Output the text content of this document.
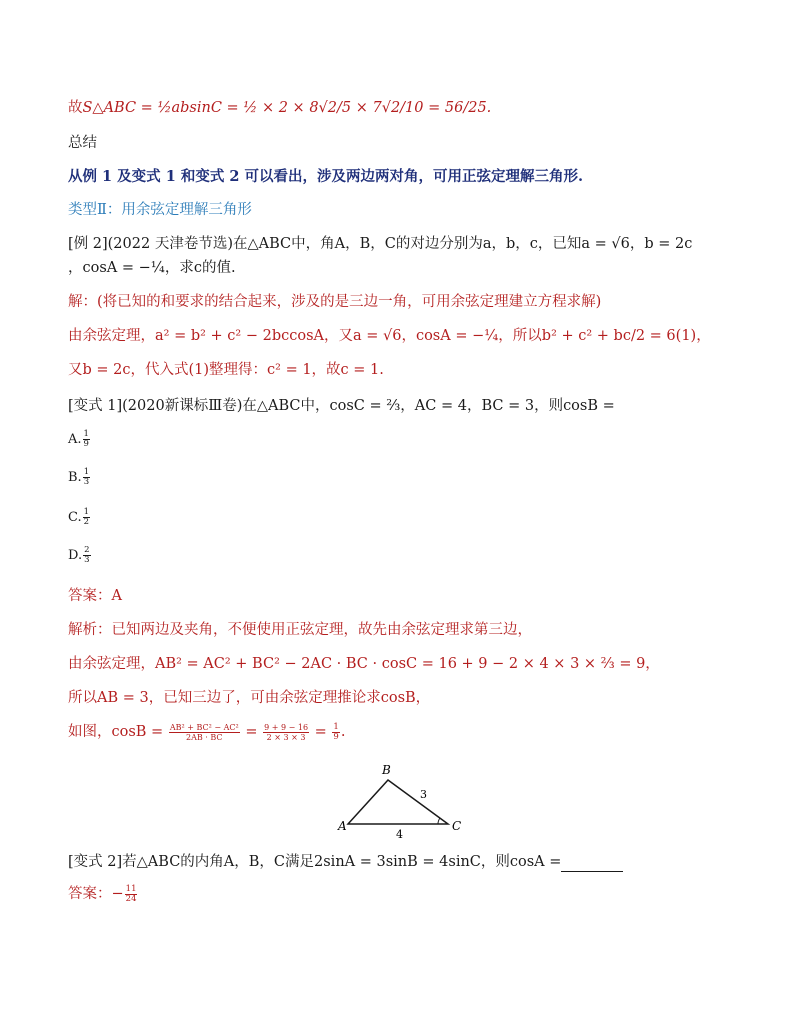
故S△ABC = ½absinC = ½ × 2 × 8√2/5 × 7√2/10 = 56/25.
总结
从例 1 及变式 1 和变式 2 可以看出，涉及两边两对角，可用正弦定理解三角形.
类型Ⅱ：用余弦定理解三角形
[例 2](2022 天津卷节选)在△ABC中，角A，B，C的对边分别为a，b，c，已知a = √6，b = 2c
，cosA = −¼，求c的值.
解：(将已知的和要求的结合起来，涉及的是三边一角，可用余弦定理建立方程求解)
由余弦定理，a² = b² + c² − 2bccosA，又a = √6，cosA = −¼，所以b² + c² + bc/2 = 6(1)，
又b = 2c，代入式(1)整理得：c² = 1，故c = 1.
[变式 1](2020新课标Ⅲ卷)在△ABC中，cosC = ⅔，AC = 4，BC = 3，则cosB =
A. $\frac{1}{9}$
B. $\frac{1}{3}$
C. $\frac{1}{2}$
D. $\frac{2}{3}$
答案：A
解析：已知两边及夹角，不便使用正弦定理，故先由余弦定理求第三边，
由余弦定理，AB² = AC² + BC² − 2AC · BC · cosC = 16 + 9 − 2 × 4 × 3 × ⅔ = 9，
所以AB = 3，已知三边了，可由余弦定理推论求cosB，
如图，$\cos B = \frac{\text{AB² + BC² − AC²}}{2AB \cdot BC} = \frac{9 + 9 - 16}{2 \times 3 \times 3} = \frac{1}{9}$ .
A
B
C
3
4
[变式 2]若△ABC的内角A，B，C满足2sinA = 3sinB = 4sinC，则cosA =
答案：− $\frac{11}{24}$
